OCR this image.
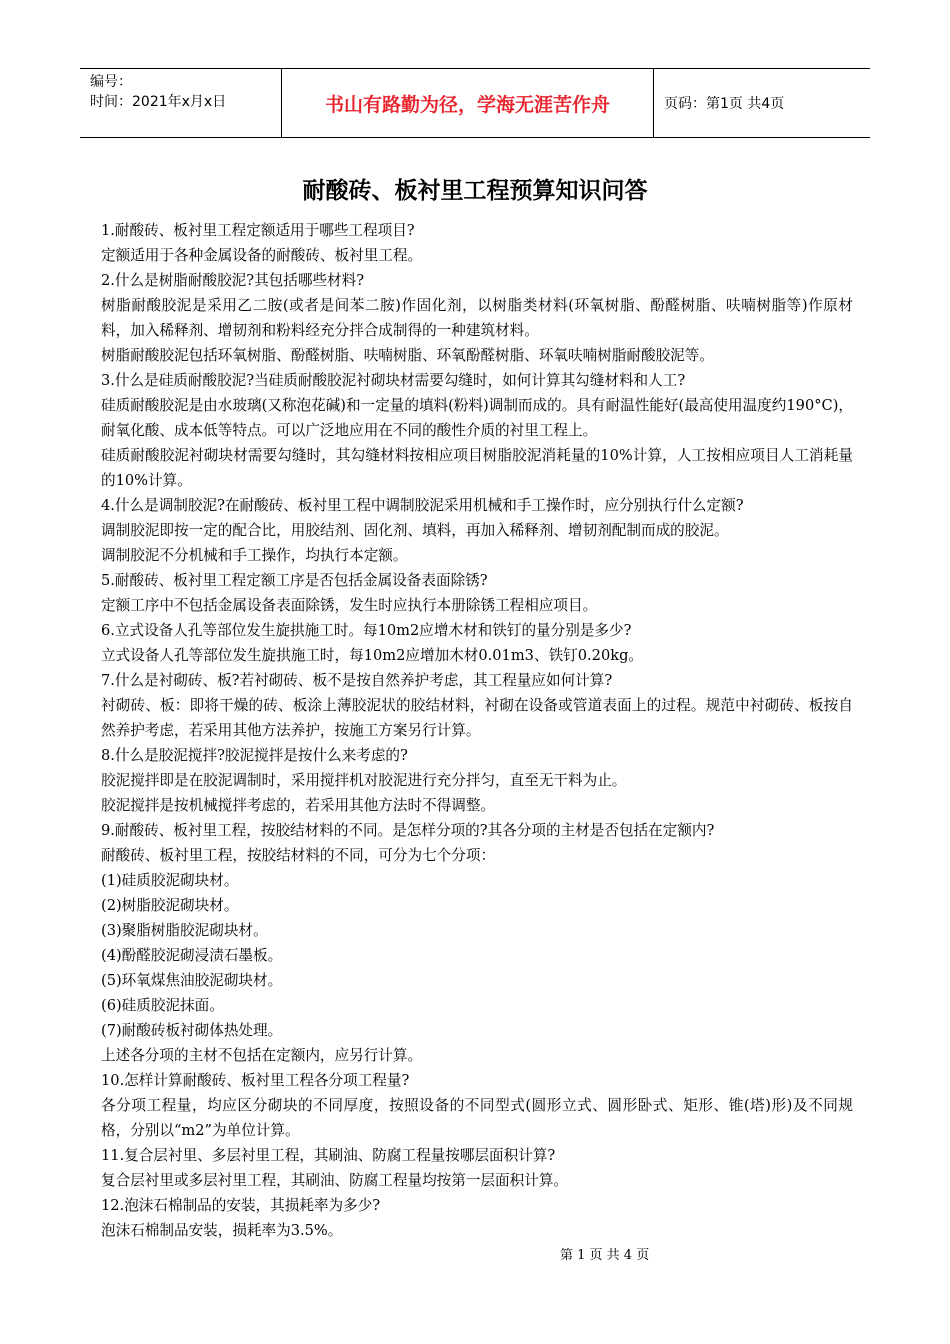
编号：
时间：2021年x月x日	书山有路勤为径，学海无涯苦作舟	页码：第1页 共4页
耐酸砖、板衬里工程预算知识问答

1.耐酸砖、板衬里工程定额适用于哪些工程项目?

定额适用于各种金属设备的耐酸砖、板衬里工程。

2.什么是树脂耐酸胶泥?其包括哪些材料?

树脂耐酸胶泥是采用乙二胺(或者是间苯二胺)作固化剂，以树脂类材料(环氧树脂、酚醛树脂、呋喃树脂等)作原材料，加入稀释剂、增韧剂和粉料经充分拌合成制得的一种建筑材料。

树脂耐酸胶泥包括环氧树脂、酚醛树脂、呋喃树脂、环氧酚醛树脂、环氧呋喃树脂耐酸胶泥等。

3.什么是硅质耐酸胶泥?当硅质耐酸胶泥衬砌块材需要勾缝时，如何计算其勾缝材料和人工?

硅质耐酸胶泥是由水玻璃(又称泡花碱)和一定量的填料(粉料)调制而成的。具有耐温性能好(最高使用温度约190°C)，耐氧化酸、成本低等特点。可以广泛地应用在不同的酸性介质的衬里工程上。

硅质耐酸胶泥衬砌块材需要勾缝时，其勾缝材料按相应项目树脂胶泥消耗量的10%计算，人工按相应项目人工消耗量的10%计算。

4.什么是调制胶泥?在耐酸砖、板衬里工程中调制胶泥采用机械和手工操作时，应分别执行什么定额?

调制胶泥即按一定的配合比，用胶结剂、固化剂、填料，再加入稀释剂、增韧剂配制而成的胶泥。

调制胶泥不分机械和手工操作，均执行本定额。

5.耐酸砖、板衬里工程定额工序是否包括金属设备表面除锈?

定额工序中不包括金属设备表面除锈，发生时应执行本册除锈工程相应项目。

6.立式设备人孔等部位发生旋拱施工时。每10m2应增木材和铁钉的量分别是多少?

立式设备人孔等部位发生旋拱施工时，每10m2应增加木材0.01m3、铁钉0.20kg。

7.什么是衬砌砖、板?若衬砌砖、板不是按自然养护考虑，其工程量应如何计算?

衬砌砖、板：即将干燥的砖、板涂上薄胶泥状的胶结材料，衬砌在设备或管道表面上的过程。规范中衬砌砖、板按自然养护考虑，若采用其他方法养护，按施工方案另行计算。

8.什么是胶泥搅拌?胶泥搅拌是按什么来考虑的?

胶泥搅拌即是在胶泥调制时，采用搅拌机对胶泥进行充分拌匀，直至无干料为止。

胶泥搅拌是按机械搅拌考虑的，若采用其他方法时不得调整。

9.耐酸砖、板衬里工程，按胶结材料的不同。是怎样分项的?其各分项的主材是否包括在定额内?

耐酸砖、板衬里工程，按胶结材料的不同，可分为七个分项：

(1)硅质胶泥砌块材。

(2)树脂胶泥砌块材。

(3)聚脂树脂胶泥砌块材。

(4)酚醛胶泥砌浸渍石墨板。

(5)环氧煤焦油胶泥砌块材。

(6)硅质胶泥抹面。

(7)耐酸砖板衬砌体热处理。

上述各分项的主材不包括在定额内，应另行计算。

10.怎样计算耐酸砖、板衬里工程各分项工程量?

各分项工程量，均应区分砌块的不同厚度，按照设备的不同型式(圆形立式、圆形卧式、矩形、锥(塔)形)及不同规格，分别以“m2”为单位计算。

11.复合层衬里、多层衬里工程，其刷油、防腐工程量按哪层面积计算?

复合层衬里或多层衬里工程，其刷油、防腐工程量均按第一层面积计算。

12.泡沫石棉制品的安装，其损耗率为多少?

泡沫石棉制品安装，损耗率为3.5%。

第 1 页 共 4 页
